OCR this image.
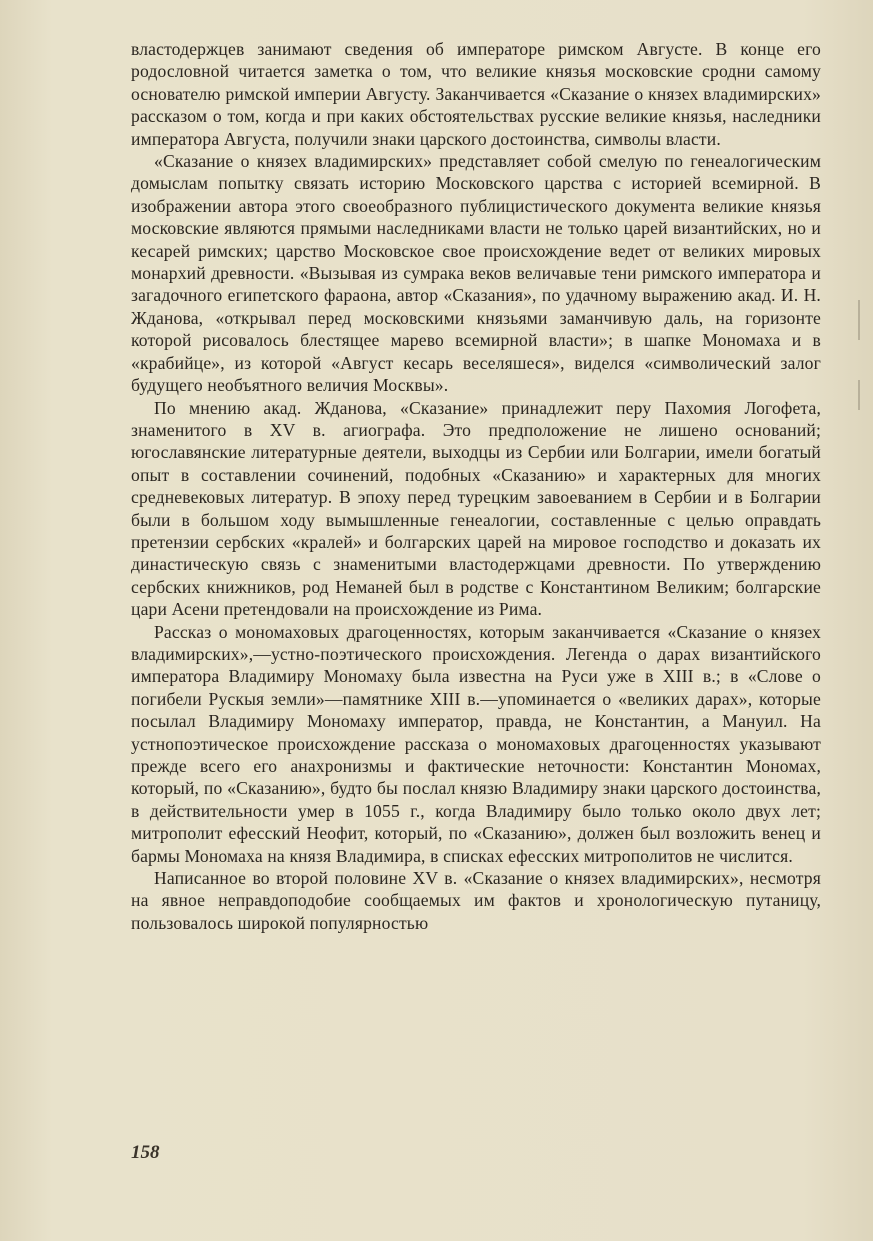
властодержцев занимают сведения об императоре римском Августе. В конце его родословной читается заметка о том, что великие князья московские сродни самому основателю римской империи Августу. Заканчивается «Сказание о князех владимирских» рассказом о том, когда и при каких обстоятельствах русские великие князья, наследники императора Августа, получили знаки царского достоинства, символы власти.

«Сказание о князех владимирских» представляет собой смелую по генеалогическим домыслам попытку связать историю Московского царства с историей всемирной. В изображении автора этого своеобразного публицистического документа великие князья московские являются прямыми наследниками власти не только царей византийских, но и кесарей римских; царство Московское свое происхождение ведет от великих мировых монархий древности. «Вызывая из сумрака веков величавые тени римского императора и загадочного египетского фараона, автор «Сказания», по удачному выражению акад. И. Н. Жданова, «открывал перед московскими князьями заманчивую даль, на горизонте которой рисовалось блестящее марево всемирной власти»; в шапке Мономаха и в «крабийце», из которой «Август кесарь веселяшеся», виделся «символический залог будущего необъятного величия Москвы».

По мнению акад. Жданова, «Сказание» принадлежит перу Пахомия Логофета, знаменитого в XV в. агиографа. Это предположение не лишено оснований; югославянские литературные деятели, выходцы из Сербии или Болгарии, имели богатый опыт в составлении сочинений, подобных «Сказанию» и характерных для многих средневековых литератур. В эпоху перед турецким завоеванием в Сербии и в Болгарии были в большом ходу вымышленные генеалогии, составленные с целью оправдать претензии сербских «кралей» и болгарских царей на мировое господство и доказать их династическую связь с знаменитыми властодержцами древности. По утверждению сербских книжников, род Неманей был в родстве с Константином Великим; болгарские цари Асени претендовали на происхождение из Рима.

Рассказ о мономаховых драгоценностях, которым заканчивается «Сказание о князех владимирских»,—устно-поэтического происхождения. Легенда о дарах византийского императора Владимиру Мономаху была известна на Руси уже в XIII в.; в «Слове о погибели Рускыя земли»—памятнике XIII в.—упоминается о «великих дарах», которые посылал Владимиру Мономаху император, правда, не Константин, а Мануил. На устнопоэтическое происхождение рассказа о мономаховых драгоценностях указывают прежде всего его анахронизмы и фактические неточности: Константин Мономах, который, по «Сказанию», будто бы послал князю Владимиру знаки царского достоинства, в действительности умер в 1055 г., когда Владимиру было только около двух лет; митрополит ефесский Неофит, который, по «Сказанию», должен был возложить венец и бармы Мономаха на князя Владимира, в списках ефесских митрополитов не числится.

Написанное во второй половине XV в. «Сказание о князех владимирских», несмотря на явное неправдоподобие сообщаемых им фактов и хронологическую путаницу, пользовалось широкой популярностью

158
